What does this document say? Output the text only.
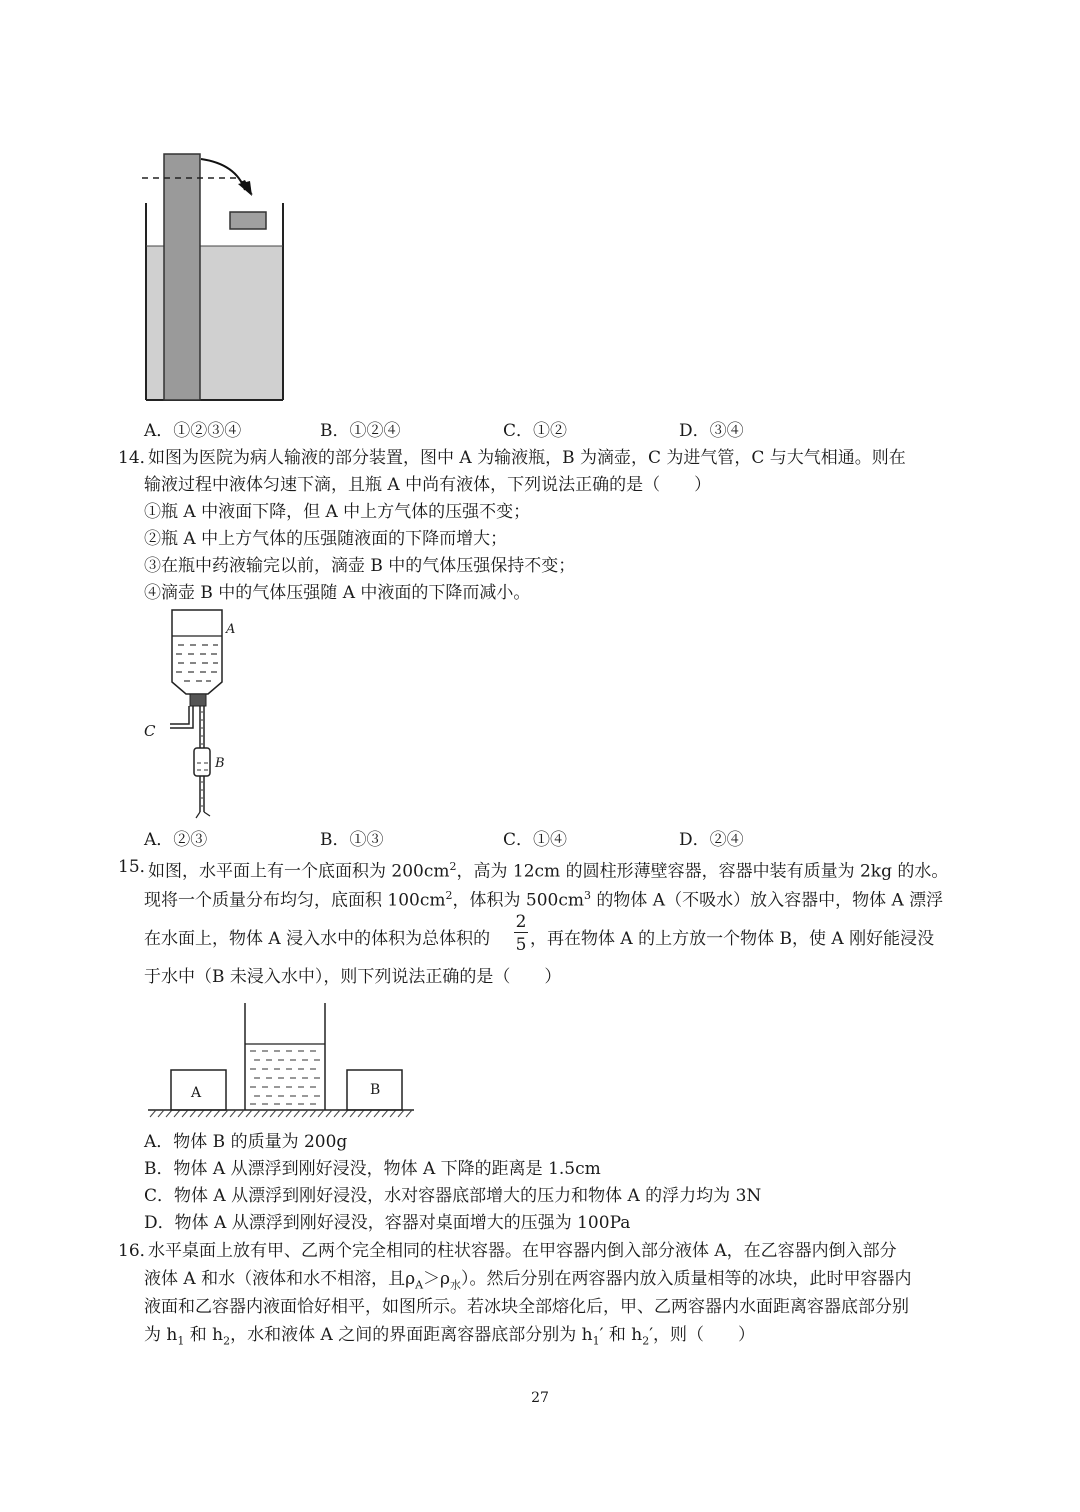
A．①②③④	B．①②④	C．①②	D．③④
14．
如图为医院为病人输液的部分装置，图中 A 为输液瓶，B 为滴壶，C 为进气管，C 与大气相通。则在
输液过程中液体匀速下滴，且瓶 A 中尚有液体，下列说法正确的是（　　）
①瓶 A 中液面下降，但 A 中上方气体的压强不变；
②瓶 A 中上方气体的压强随液面的下降而增大；
③在瓶中药液输完以前，滴壶 B 中的气体压强保持不变；
④滴壶 B 中的气体压强随 A 中液面的下降而减小。
A
B
C
A．②③	B．①③	C．①④	D．②④
15．
如图，水平面上有一个底面积为 $200cm^2$，高为 12cm 的圆柱形薄壁容器，容器中装有质量为 2kg 的水。
现将一个质量分布均匀，底面积 $100cm^2$，体积为 $500cm^3$ 的物体 A（不吸水）放入容器中，物体 A 漂浮
在水面上，物体 A 浸入水中的体积为总体积的
2
5 ，再在物体 A 的上方放一个物体 B，使 A 刚好能浸没
于水中（B 未浸入水中），则下列说法正确的是（　　）
A	B
A．物体 B 的质量为 200g
B．物体 A 从漂浮到刚好浸没，物体 A 下降的距离是 1.5cm
C．物体 A 从漂浮到刚好浸没，水对容器底部增大的压力和物体 A 的浮力均为 3N
D．物体 A 从漂浮到刚好浸没，容器对桌面增大的压强为 100Pa
16．
水平桌面上放有甲、乙两个完全相同的柱状容器。在甲容器内倒入部分液体 A，在乙容器内倒入部分
液体 A 和水（液体和水不相溶，且$\rho_A>\rho_水$）。然后分别在两容器内放入质量相等的冰块，此时甲容器内
液面和乙容器内液面恰好相平，如图所示。若冰块全部熔化后，甲、乙两容器内水面距离容器底部分别
为 $h_1$ 和 $h_2$，水和液体 A 之间的界面距离容器底部分别为 $h_1'$ 和 $h_2'$，则（　　）
27
